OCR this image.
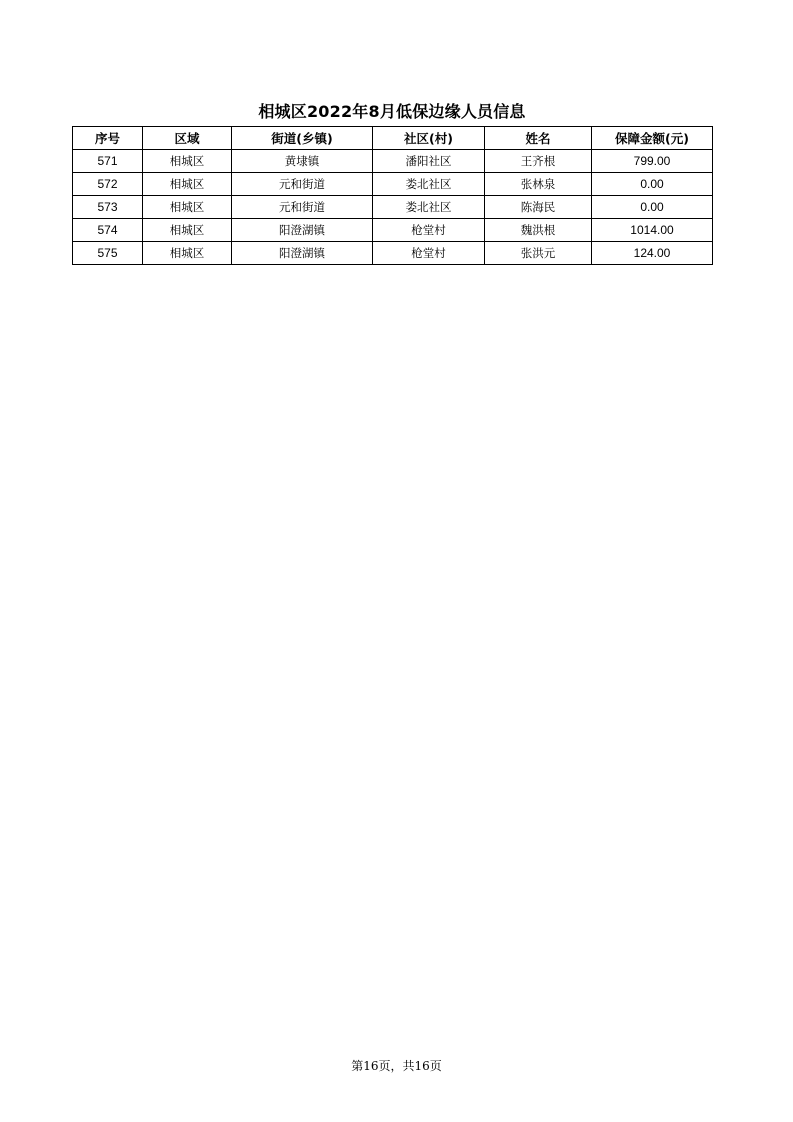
相城区2022年8月低保边缘人员信息
序号	区域	街道(乡镇)	社区(村)	姓名	保障金额(元)
571	相城区	黄埭镇	潘阳社区	王齐根	799.00
572	相城区	元和街道	娄北社区	张林泉	0.00
573	相城区	元和街道	娄北社区	陈海民	0.00
574	相城区	阳澄湖镇	枪堂村	魏洪根	1014.00
575	相城区	阳澄湖镇	枪堂村	张洪元	124.00
第16页，共16页
